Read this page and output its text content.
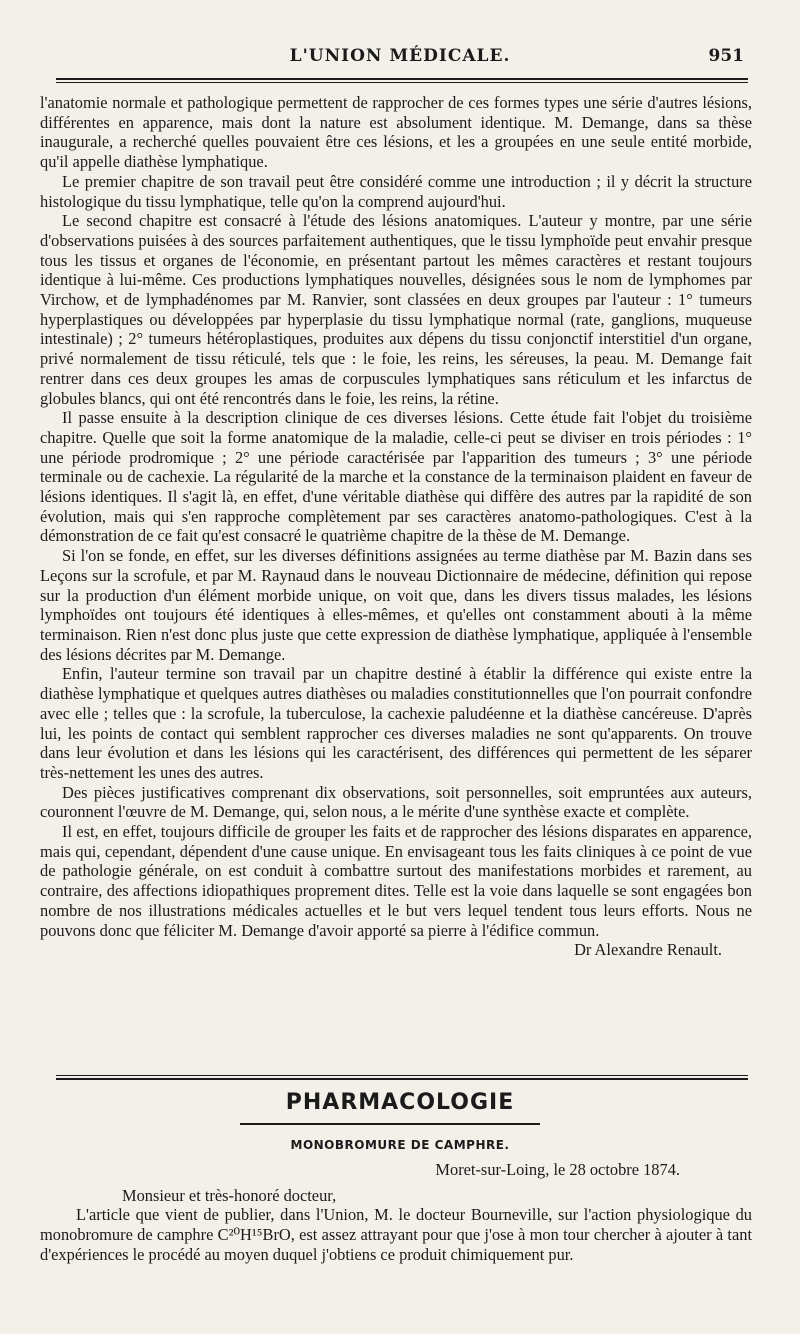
L'UNION MÉDICALE.	951

l'anatomie normale et pathologique permettent de rapprocher de ces formes types une série d'autres lésions, différentes en apparence, mais dont la nature est absolument identique. M. Demange, dans sa thèse inaugurale, a recherché quelles pouvaient être ces lésions, et les a groupées en une seule entité morbide, qu'il appelle diathèse lymphatique.

Le premier chapitre de son travail peut être considéré comme une introduction ; il y décrit la structure histologique du tissu lymphatique, telle qu'on la comprend aujourd'hui.

Le second chapitre est consacré à l'étude des lésions anatomiques. L'auteur y montre, par une série d'observations puisées à des sources parfaitement authentiques, que le tissu lymphoïde peut envahir presque tous les tissus et organes de l'économie, en présentant partout les mêmes caractères et restant toujours identique à lui-même. Ces productions lymphatiques nouvelles, désignées sous le nom de lymphomes par Virchow, et de lymphadénomes par M. Ranvier, sont classées en deux groupes par l'auteur : 1° tumeurs hyperplastiques ou développées par hyperplasie du tissu lymphatique normal (rate, ganglions, muqueuse intestinale) ; 2° tumeurs hétéroplastiques, produites aux dépens du tissu conjonctif interstitiel d'un organe, privé normalement de tissu réticulé, tels que : le foie, les reins, les séreuses, la peau. M. Demange fait rentrer dans ces deux groupes les amas de corpuscules lymphatiques sans réticulum et les infarctus de globules blancs, qui ont été rencontrés dans le foie, les reins, la rétine.

Il passe ensuite à la description clinique de ces diverses lésions. Cette étude fait l'objet du troisième chapitre. Quelle que soit la forme anatomique de la maladie, celle-ci peut se diviser en trois périodes : 1° une période prodromique ; 2° une période caractérisée par l'apparition des tumeurs ; 3° une période terminale ou de cachexie. La régularité de la marche et la constance de la terminaison plaident en faveur de lésions identiques. Il s'agit là, en effet, d'une véritable diathèse qui diffère des autres par la rapidité de son évolution, mais qui s'en rapproche complètement par ses caractères anatomo-pathologiques. C'est à la démonstration de ce fait qu'est consacré le quatrième chapitre de la thèse de M. Demange.

Si l'on se fonde, en effet, sur les diverses définitions assignées au terme diathèse par M. Bazin dans ses Leçons sur la scrofule, et par M. Raynaud dans le nouveau Dictionnaire de médecine, définition qui repose sur la production d'un élément morbide unique, on voit que, dans les divers tissus malades, les lésions lymphoïdes ont toujours été identiques à elles-mêmes, et qu'elles ont constamment abouti à la même terminaison. Rien n'est donc plus juste que cette expression de diathèse lymphatique, appliquée à l'ensemble des lésions décrites par M. Demange.

Enfin, l'auteur termine son travail par un chapitre destiné à établir la différence qui existe entre la diathèse lymphatique et quelques autres diathèses ou maladies constitutionnelles que l'on pourrait confondre avec elle ; telles que : la scrofule, la tuberculose, la cachexie paludéenne et la diathèse cancéreuse. D'après lui, les points de contact qui semblent rapprocher ces diverses maladies ne sont qu'apparents. On trouve dans leur évolution et dans les lésions qui les caractérisent, des différences qui permettent de les séparer très-nettement les unes des autres.

Des pièces justificatives comprenant dix observations, soit personnelles, soit empruntées aux auteurs, couronnent l'œuvre de M. Demange, qui, selon nous, a le mérite d'une synthèse exacte et complète.

Il est, en effet, toujours difficile de grouper les faits et de rapprocher des lésions disparates en apparence, mais qui, cependant, dépendent d'une cause unique. En envisageant tous les faits cliniques à ce point de vue de pathologie générale, on est conduit à combattre surtout des manifestations morbides et rarement, au contraire, des affections idiopathiques proprement dites. Telle est la voie dans laquelle se sont engagées bon nombre de nos illustrations médicales actuelles et le but vers lequel tendent tous leurs efforts. Nous ne pouvons donc que féliciter M. Demange d'avoir apporté sa pierre à l'édifice commun.

Dr Alexandre Renault.

PHARMACOLOGIE
MONOBROMURE DE CAMPHRE.

Moret-sur-Loing, le 28 octobre 1874.

Monsieur et très-honoré docteur,

L'article que vient de publier, dans l'Union, M. le docteur Bourneville, sur l'action physiologique du monobromure de camphre C²⁰H¹⁵BrO, est assez attrayant pour que j'ose à mon tour chercher à ajouter à tant d'expériences le procédé au moyen duquel j'obtiens ce produit chimiquement pur.
